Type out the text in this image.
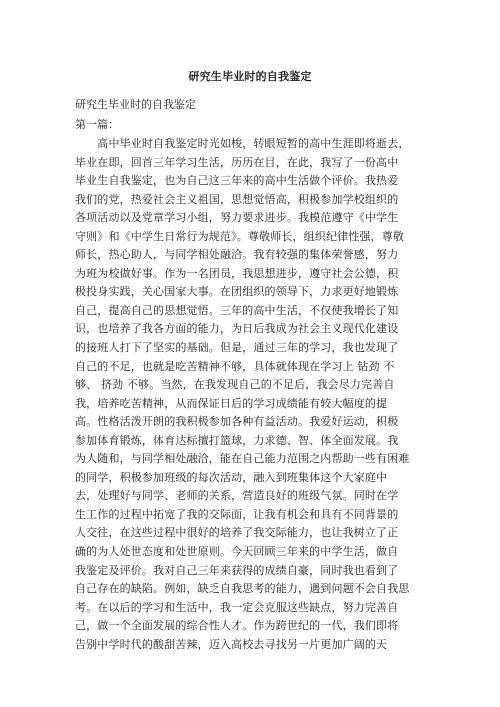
研究生毕业时的自我鉴定
研究生毕业时的自我鉴定
第一篇：
　　高中毕业时自我鉴定时光如梭，转眼短暂的高中生涯即将逝去，
毕业在即，回首三年学习生活，历历在目，在此，我写了一份高中
毕业生自我鉴定，也为自己这三年来的高中生活做个评价。我热爱
我们的党，热爱社会主义祖国，思想觉悟高，积极参加学校组织的
各项活动以及党章学习小组，努力要求进步。我模范遵守《中学生
守则》和《中学生日常行为规范》。尊敬师长，组织纪律性强，尊敬
师长，热心助人，与同学相处融洽。我有较强的集体荣誉感，努力
为班为校做好事。作为一名团员，我思想进步，遵守社会公德，积
极投身实践，关心国家大事。在团组织的领导下，力求更好地锻炼
自己，提高自己的思想觉悟。三年的高中生活，不仅使我增长了知
识，也培养了我各方面的能力，为日后我成为社会主义现代化建设
的接班人打下了坚实的基础。但是，通过三年的学习，我也发现了
自己的不足，也就是吃苦精神不够，具体就体现在学习上 钻劲 不
够、 挤劲 不够。当然，在我发现自己的不足后，我会尽力完善自
我，培养吃苦精神，从而保证日后的学习成绩能有较大幅度的提
高。性格活泼开朗的我积极参加各种有益活动。我爱好运动，积极
参加体育锻炼，体育达标擅打篮球，力求德、智、体全面发展。我
为人随和，与同学相处融洽，能在自己能力范围之内帮助一些有困难
的同学，积极参加班级的每次活动，融入到班集体这个大家庭中
去，处理好与同学、老师的关系，营造良好的班级气氛。同时在学
生工作的过程中拓宽了我的交际面，让我有机会和具有不同背景的
人交往，在这些过程中很好的培养了我交际能力，也让我树立了正
确的为人处世态度和处世原则。今天回顾三年来的中学生活，做自
我鉴定及评价。我对自己三年来获得的成绩自豪，同时我也看到了
自己存在的缺陷。例如，缺乏自我思考的能力，遇到问题不会自我思
考。在以后的学习和生活中，我一定会克服这些缺点，努力完善自
己，做一个全面发展的综合性人才。作为跨世纪的一代，我们即将
告别中学时代的酸甜苦辣，迈入高校去寻找另一片更加广阔的天
